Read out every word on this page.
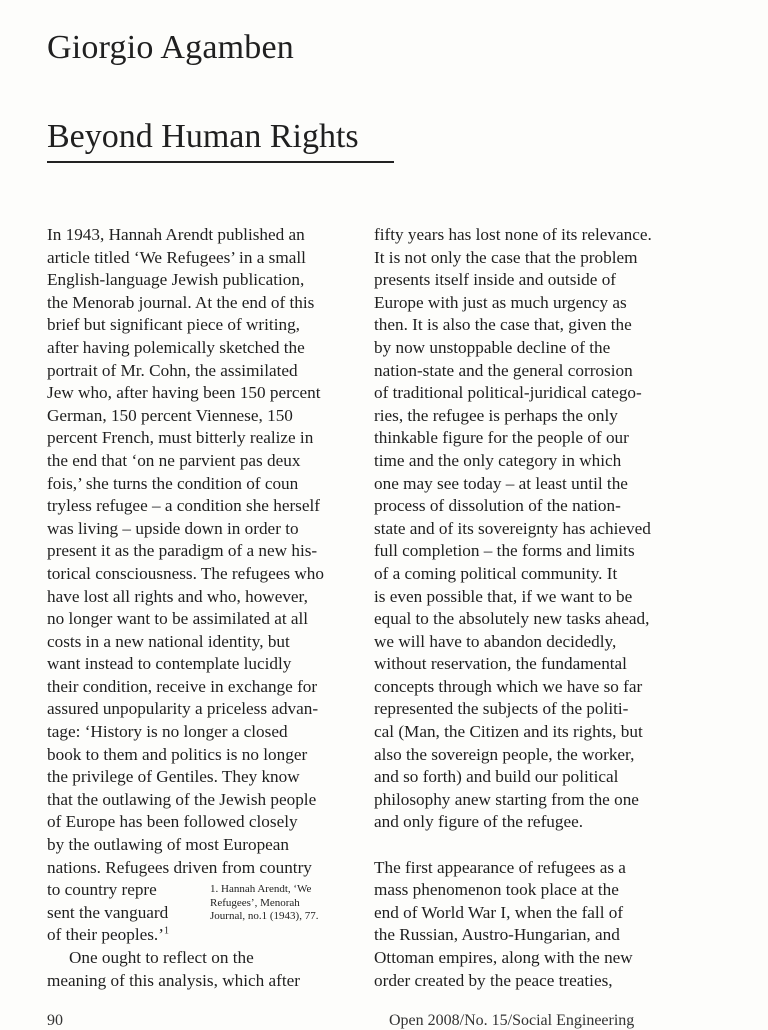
Giorgio Agamben
Beyond Human Rights
In 1943, Hannah Arendt published an
article titled ‘We Refugees’ in a small
English-language Jewish publication,
the Menorab journal. At the end of this
brief but significant piece of writing,
after having polemically sketched the
portrait of Mr. Cohn, the assimilated
Jew who, after having been 150 percent
German, 150 percent Viennese, 150
percent French, must bitterly realize in
the end that ‘on ne parvient pas deux
fois,’ she turns the condition of coun
tryless refugee – a condition she herself
was living – upside down in order to
present it as the paradigm of a new his-
torical consciousness. The refugees who
have lost all rights and who, however,
no longer want to be assimilated at all
costs in a new national identity, but
want instead to contemplate lucidly
their condition, receive in exchange for
assured unpopularity a priceless advan-
tage: ‘History is no longer a closed
book to them and politics is no longer
the privilege of Gentiles. They know
that the outlawing of the Jewish people
of Europe has been followed closely
by the outlawing of most European
nations. Refugees driven from country
to country repre
sent the vanguard
of their peoples.’$^1$
One ought to reflect on the
meaning of this analysis, which after
1. Hannah Arendt, ‘We
Refugees’, Menorah
Journal, no.1 (1943), 77.
fifty years has lost none of its relevance.
It is not only the case that the problem
presents itself inside and outside of
Europe with just as much urgency as
then. It is also the case that, given the
by now unstoppable decline of the
nation-state and the general corrosion
of traditional political-juridical catego-
ries, the refugee is perhaps the only
thinkable figure for the people of our
time and the only category in which
one may see today – at least until the
process of dissolution of the nation-
state and of its sovereignty has achieved
full completion – the forms and limits
of a coming political community. It
is even possible that, if we want to be
equal to the absolutely new tasks ahead,
we will have to abandon decidedly,
without reservation, the fundamental
concepts through which we have so far
represented the subjects of the politi-
cal (Man, the Citizen and its rights, but
also the sovereign people, the worker,
and so forth) and build our political
philosophy anew starting from the one
and only figure of the refugee.
The first appearance of refugees as a
mass phenomenon took place at the
end of World War I, when the fall of
the Russian, Austro-Hungarian, and
Ottoman empires, along with the new
order created by the peace treaties,
90	Open 2008/No. 15/Social Engineering
